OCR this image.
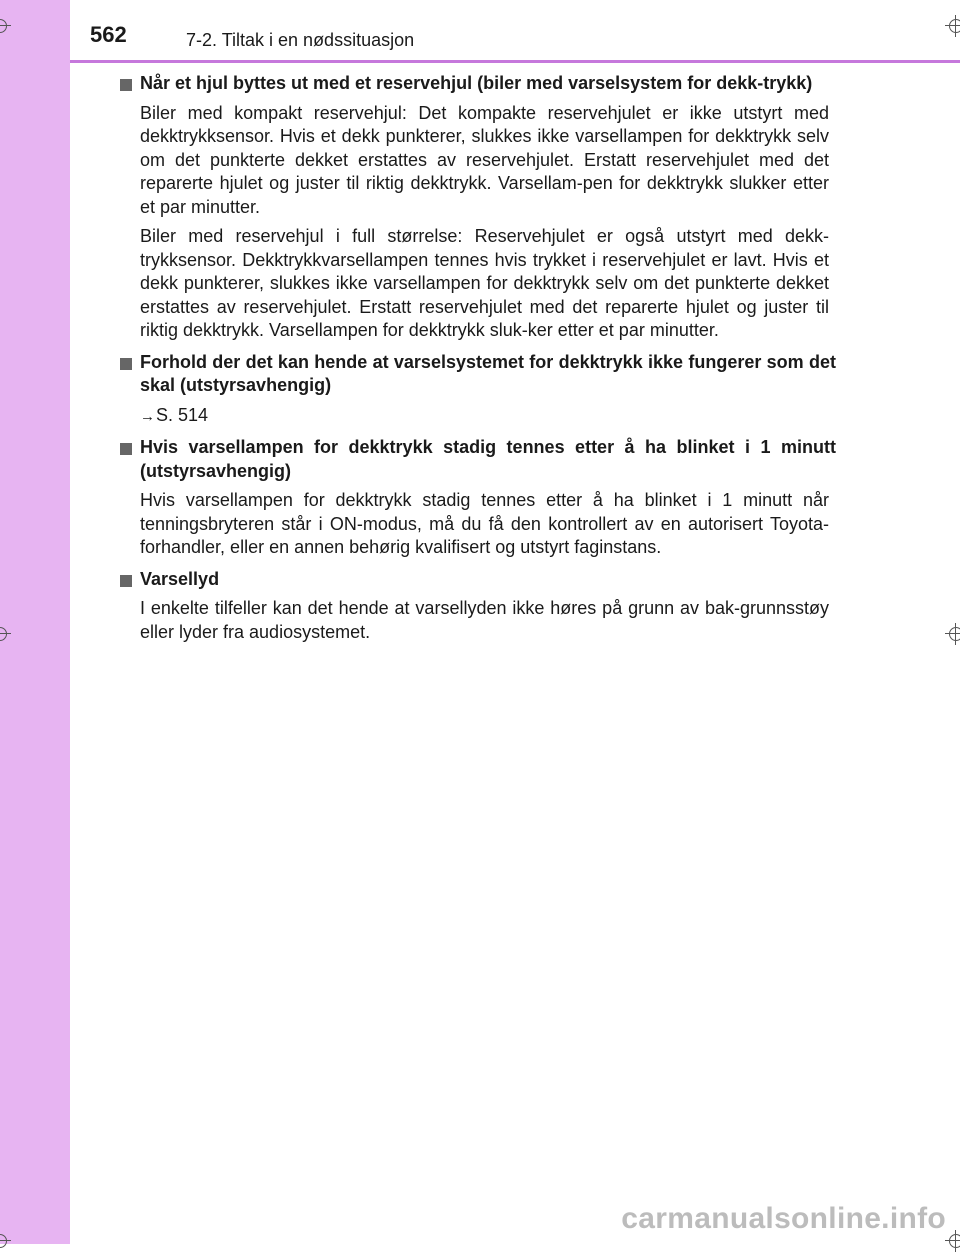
562	7-2. Tiltak i en nødssituasjon
Når et hjul byttes ut med et reservehjul (biler med varselsystem for dekk-trykk)
Biler med kompakt reservehjul: Det kompakte reservehjulet er ikke utstyrt med dekktrykksensor. Hvis et dekk punkterer, slukkes ikke varsellampen for dekktrykk selv om det punkterte dekket erstattes av reservehjulet. Erstatt reservehjulet med det reparerte hjulet og juster til riktig dekktrykk. Varsellam-pen for dekktrykk slukker etter et par minutter.
Biler med reservehjul i full størrelse: Reservehjulet er også utstyrt med dekk-trykksensor. Dekktrykkvarsellampen tennes hvis trykket i reservehjulet er lavt. Hvis et dekk punkterer, slukkes ikke varsellampen for dekktrykk selv om det punkterte dekket erstattes av reservehjulet. Erstatt reservehjulet med det reparerte hjulet og juster til riktig dekktrykk. Varsellampen for dekktrykk sluk-ker etter et par minutter.
Forhold der det kan hende at varselsystemet for dekktrykk ikke fungerer som det skal (utstyrsavhengig)
→S. 514
Hvis varsellampen for dekktrykk stadig tennes etter å ha blinket i 1 minutt (utstyrsavhengig)
Hvis varsellampen for dekktrykk stadig tennes etter å ha blinket i 1 minutt når tenningsbryteren står i ON-modus, må du få den kontrollert av en autorisert Toyota-forhandler, eller en annen behørig kvalifisert og utstyrt faginstans.
Varsellyd
I enkelte tilfeller kan det hende at varsellyden ikke høres på grunn av bak-grunnsstøy eller lyder fra audiosystemet.
carmanualsonline.info
